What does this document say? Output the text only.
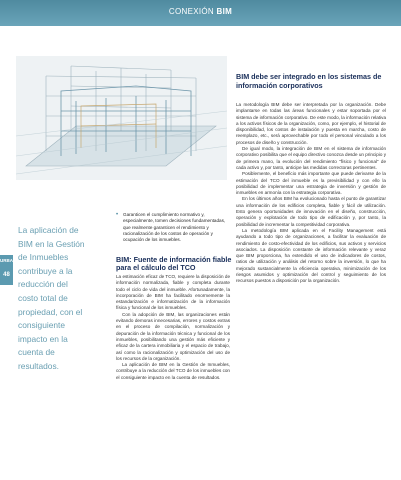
CONEXIÓN BIM
URBANA
48
La aplicación de BIM en la Gestión de Inmuebles contribuye a la reducción del costo total de propiedad, con el consiguiente impacto en la cuenta de resultados.
• Garanticen el cumplimiento normativo y, especialmente, tomen decisiones fundamentadas, que realmente garanticen el rendimiento y racionalización de los costos de operación y ocupación de los inmuebles.
BIM: Fuente de información fiable para el cálculo del TCO

La estimación eficaz de TCO, requiere la disposición de información normalizada, fiable y completa durante todo el ciclo de vida del inmueble. Afortunadamente, la incorporación de BIM ha facilitado enormemente la estandarización e informatización de la información física y funcional de los inmuebles.

Con la adopción de BIM, las organizaciones están evitando demoras innecesarias, errores y costos extras en el proceso de compilación, normalización y depuración de la información técnica y funcional de los inmuebles, posibilitando una gestión más eficiente y eficaz de la cartera inmobiliaria y el espacio de trabajo, así como la racionalización y optimización del uso de los recursos de la organización.

La aplicación de BIM en la Gestión de Inmuebles, contribuye a la reducción del TCO de los inmuebles con el consiguiente impacto en la cuenta de resultados.

BIM debe ser integrado en los sistemas de información corporativos

La metodología BIM debe ser interpretada por la organización. Debe implantarse en todas las áreas funcionales y estar soportada por el sistema de información corporativo. De este modo, la información relativa a los activos físicos de la organización, como, por ejemplo, el historial de disponibilidad, los costos de instalación y puesta en marcha, costo de reemplazo, etc., será aprovechable por todo el personal vinculado a los procesos de diseño y construcción.

De igual modo, la integración de BIM en el sistema de información corporativo posibilita que el equipo directivo conozca desde un principio y de primera mano, la evolución del rendimiento "físico y funcional" de cada activo y, por tanto, anticipe las medidas correctoras pertinentes.

Posiblemente, el beneficio más importante que puede derivarse de la estimación del TCO del inmueble es la previsibilidad y con ello la posibilidad de implementar una estrategia de inversión y gestión de inmuebles en armonía con la estrategia corporativa.

En los últimos años BIM ha evolucionado hasta el punto de garantizar una información de los edificios completa, fiable y fácil de utilización. Esto genera oportunidades de innovación en el diseño, construcción, operación y explotación de todo tipo de edificación y, por tanto, la posibilidad de incrementar la competitividad corporativa.

La metodología BIM aplicada en el Facility Management está ayudando a todo tipo de organizaciones, a facilitar la evaluación de rendimiento de costo-efectividad de los edificios, sus activos y servicios asociados. La disposición constante de información relevante y veraz que BIM proporciona, ha extendido el uso de indicadores de costos, ratios de utilización y análisis del retorno sobre la inversión, lo que ha mejorado sustancialmente la eficiencia operativa, minimización de los riesgos asumidos y optimización del control y seguimiento de los recursos puestos a disposición por la organización.
